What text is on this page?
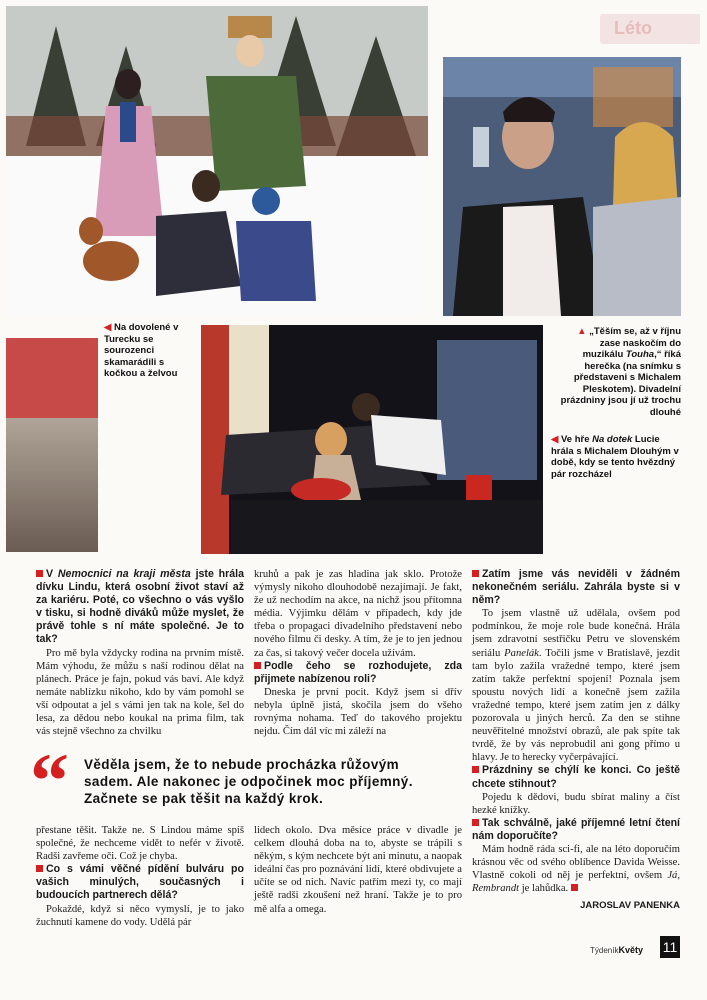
Léto
◀ Na dovolené v Turecku se sourozenci skamarádili s kočkou a želvou
▲ „Těším se, až v říjnu zase naskočím do muzikálu Touha,“ říká herečka (na snímku s představeni s Michalem Pleskotem). Divadelní prázdniny jsou jí už trochu dlouhé
◀ Ve hře Na dotek Lucie hrála s Michalem Dlouhým v době, kdy se tento hvězdný pár rozcházel
V Nemocnici na kraji města jste hrála dívku Lindu, která osobní život staví až za kariéru. Poté, co všechno o vás vyšlo v tisku, si hodně diváků může myslet, že právě tohle s ní máte společné. Je to tak?
Pro mě byla vždycky rodina na prvním místě. Mám výhodu, že můžu s naší rodinou dělat na plánech. Práce je fajn, pokud vás baví. Ale když nemáte nablízku nikoho, kdo by vám pomohl se vší odpoutat a jel s vámi jen tak na kole, šel do lesa, za dědou nebo koukal na prima film, tak vás stejně všechno za chvilku
kruhů a pak je zas hladina jak sklo. Protože výmysly nikoho dlouhodobě nezajímají. Je fakt, že už nechodím na akce, na nichž jsou přítomna média. Výjimku dělám v případech, kdy jde třeba o propagaci divadelního představení nebo nového filmu či desky. A tím, že je to jen jednou za čas, si takový večer docela užívám.
Podle čeho se rozhodujete, zda přijmete nabízenou roli?
Dneska je první pocit. Když jsem si dřív nebyla úplně jistá, skočila jsem do všeho rovnýma nohama. Teď do takového projektu nejdu. Čím dál víc mi záleží na
“ Věděla jsem, že to nebude procházka růžovým sadem. Ale nakonec je odpočinek moc příjemný. Začnete se pak těšit na každý krok.
přestane těšit. Takže ne. S Lindou máme spíš společné, že nechceme vidět to nefér v životě. Radši zavřeme oči. Což je chyba.
Co s vámi věčné pídění bulváru po vašich minulých, současných i budoucích partnerech dělá?
Pokaždé, když si něco vymyslí, je to jako žuchnutí kamene do vody. Udělá pár
lidech okolo. Dva měsíce práce v divadle je celkem dlouhá doba na to, abyste se trápili s někým, s kým nechcete být ani minutu, a naopak ideální čas pro poznávání lidí, které obdivujete a učíte se od nich. Navíc patřím mezi ty, co mají ještě radši zkoušení než hraní. Takže je to pro mě alfa a omega.
Zatím jsme vás neviděli v žádném nekonečném seriálu. Zahrála byste si v něm?
To jsem vlastně už udělala, ovšem pod podmínkou, že moje role bude konečná. Hrála jsem zdravotní sestřičku Petru ve slovenském seriálu Panelák. Točili jsme v Bratislavě, jezdit tam bylo zažila vražedné tempo, které jsem zatím takže perfektní spojení! Poznala jsem spoustu nových lidí a konečně jsem zažila vražedné tempo, které jsem zatím jen z dálky pozorovala u jiných herců. Za den se stihne neuvěřitelné množství obrazů, ale pak spíte tak tvrdě, že by vás neprobudil ani gong přímo u hlavy. Je to herecky vyčerpávající.
Prázdniny se chýlí ke konci. Co ještě chcete stihnout?
Pojedu k dědovi, budu sbírat maliny a číst hezké knížky.
Tak schválně, jaké příjemné letní čtení nám doporučíte?
Mám hodně ráda sci-fi, ale na léto doporučím krásnou věc od svého oblíbence Davida Weisse. Vlastně cokoli od něj je perfektní, ovšem Já, Rembrandt je lahůdka.
JAROSLAV PANENKA
TýdeníkKvěty 11
